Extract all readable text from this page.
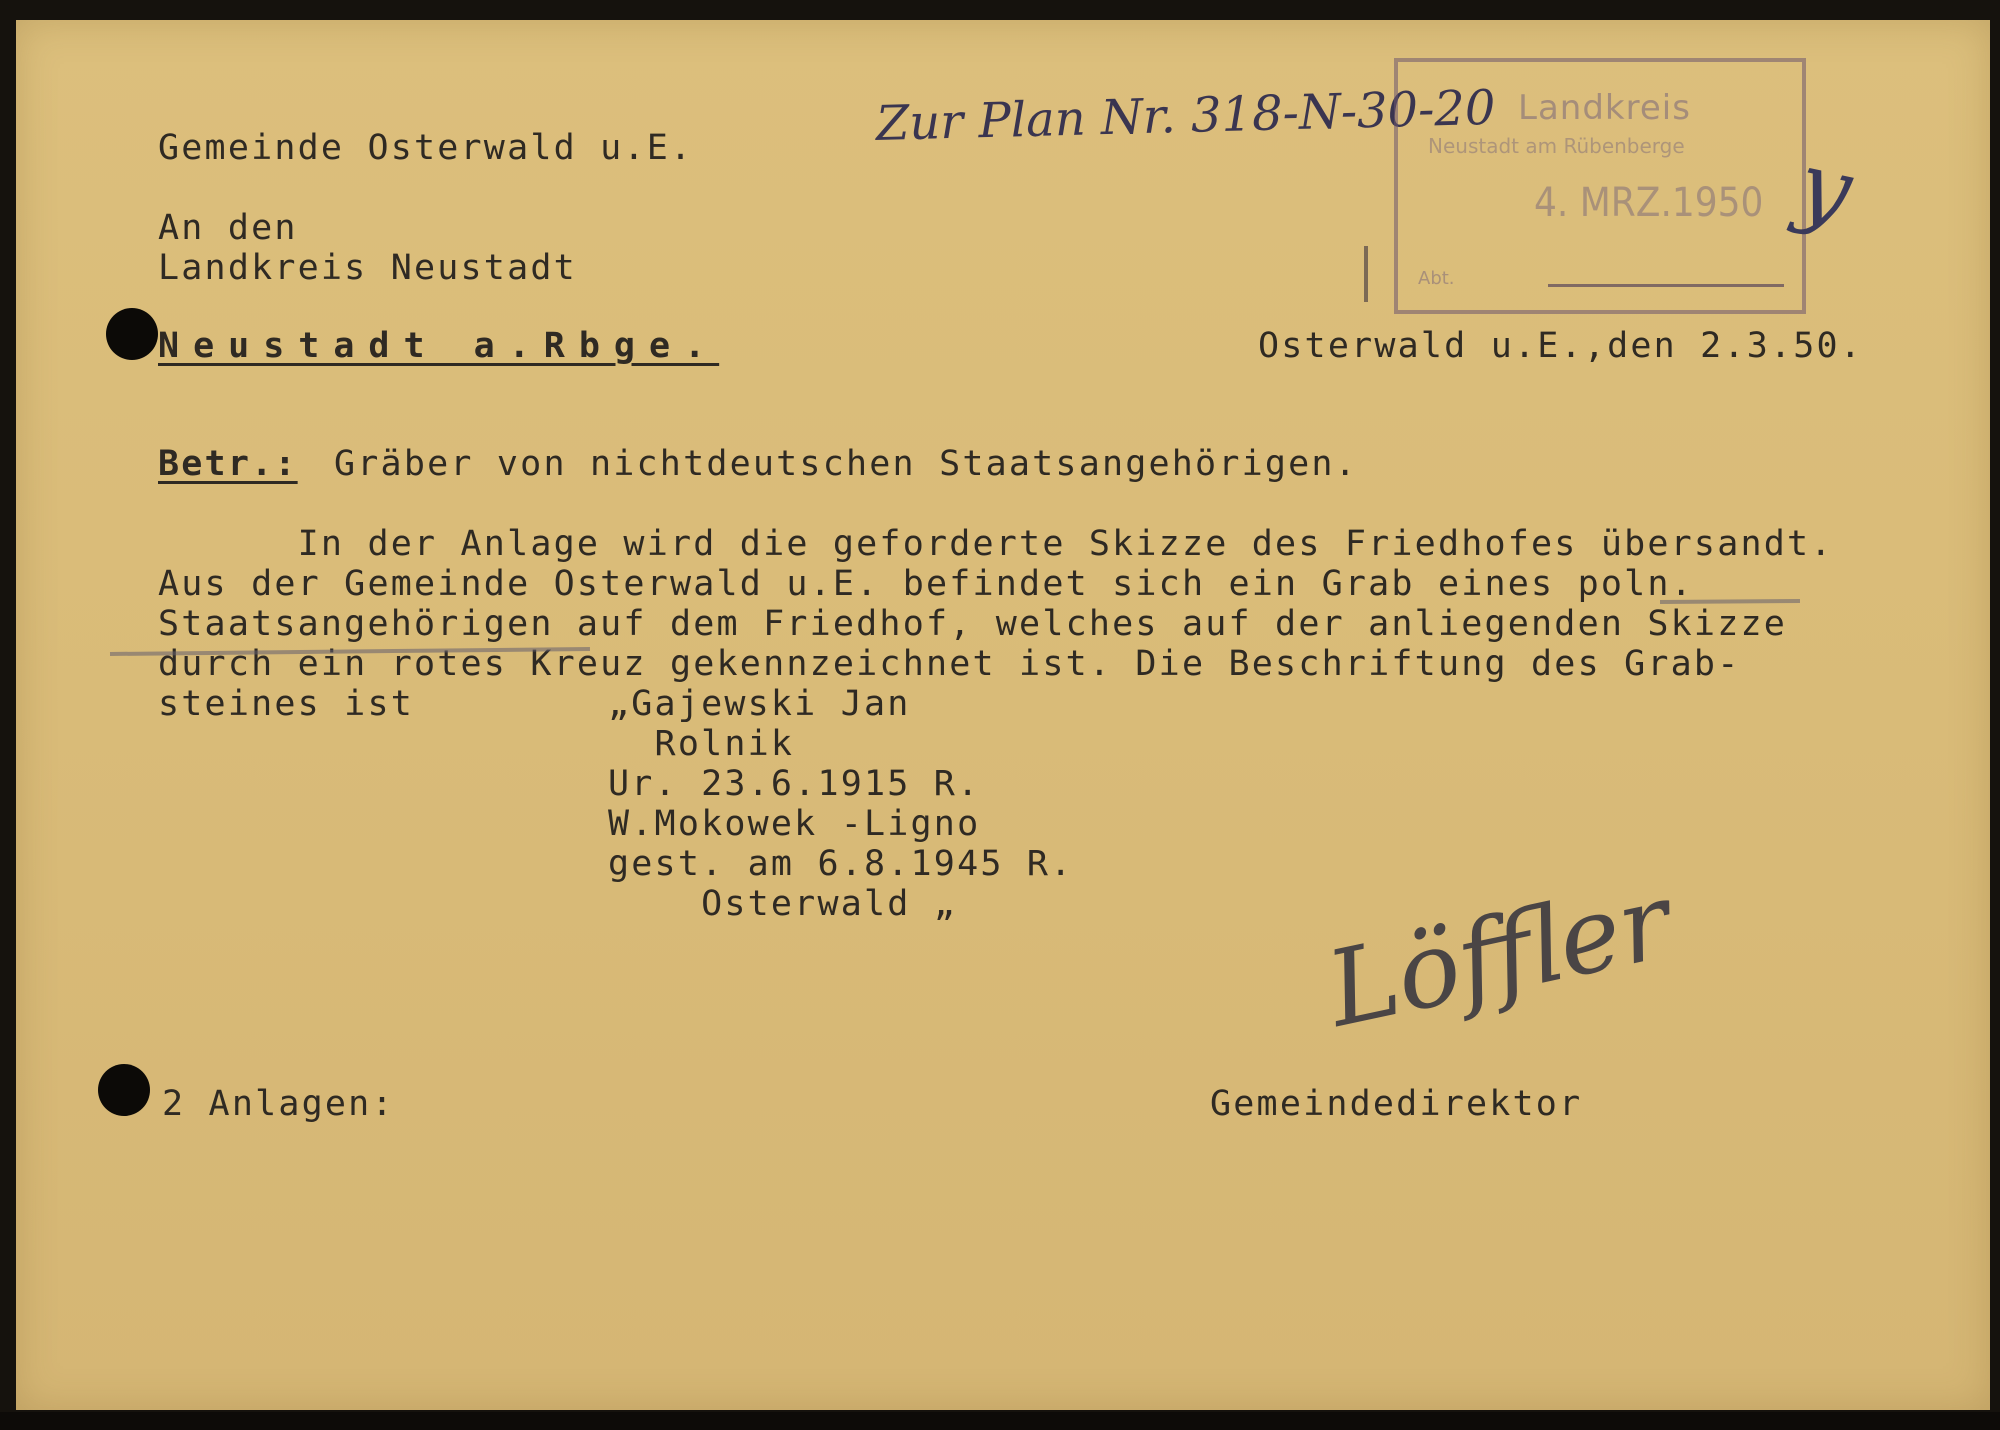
Gemeinde Osterwald u.E.
An den
Landkreis Neustadt
Neustadt a.Rbge.	Osterwald u.E.,den 2.3.50.
Zur Plan Nr. 318-N-30-20 Landkreis
Neustadt am Rübenberge
4. MRZ.1950
Abt.
y
Betr.: Gräber von nichtdeutschen Staatsangehörigen.
In der Anlage wird die geforderte Skizze des Friedhofes übersandt.
Aus der Gemeinde Osterwald u.E. befindet sich ein Grab eines poln.
Staatsangehörigen auf dem Friedhof, welches auf der anliegenden Skizze
durch ein rotes Kreuz gekennzeichnet ist. Die Beschriftung des Grab-
steines ist	„Gajewski Jan
Rolnik
Ur. 23.6.1915 R.
W.Mokowek -Ligno
gest. am 6.8.1945 R.
Osterwald „	Löffler
2 Anlagen:	Gemeindedirektor
